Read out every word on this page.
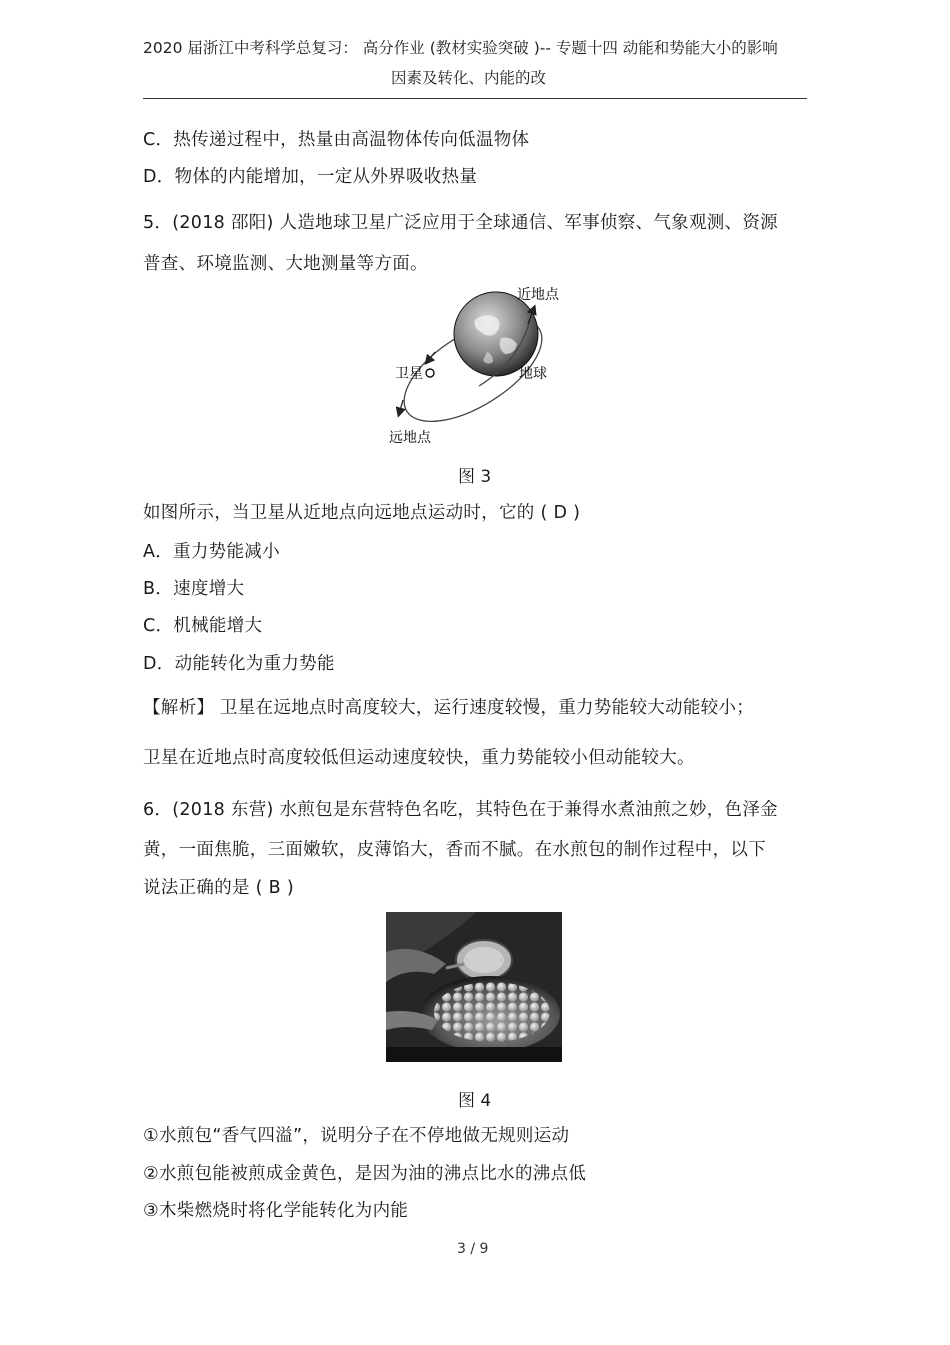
2020 届浙江中考科学总复习： 高分作业 (教材实验突破 )-- 专题十四 动能和势能大小的影响
因素及转化、内能的改
C．热传递过程中，热量由高温物体传向低温物体
D．物体的内能增加，一定从外界吸收热量
5．(2018 邵阳) 人造地球卫星广泛应用于全球通信、军事侦察、气象观测、资源
普查、环境监测、大地测量等方面。
近地点
卫星	地球
远地点
图 3
如图所示，当卫星从近地点向远地点运动时，它的 ( D )
A．重力势能减小
B．速度增大
C．机械能增大
D．动能转化为重力势能
【解析】 卫星在远地点时高度较大，运行速度较慢，重力势能较大动能较小；
卫星在近地点时高度较低但运动速度较快，重力势能较小但动能较大。
6．(2018 东营) 水煎包是东营特色名吃，其特色在于兼得水煮油煎之妙，色泽金
黄，一面焦脆，三面嫩软，皮薄馅大，香而不腻。在水煎包的制作过程中，以下
说法正确的是 ( B )
图 4
①水煎包“香气四溢”，说明分子在不停地做无规则运动
②水煎包能被煎成金黄色，是因为油的沸点比水的沸点低
③木柴燃烧时将化学能转化为内能
3 / 9
